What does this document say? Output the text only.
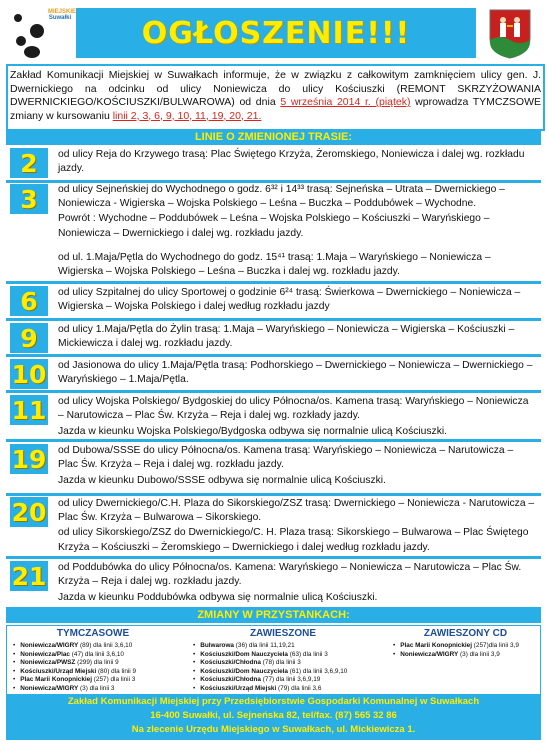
MIEJSKIE
Suwałki OGŁOSZENIE!!!
Zakład Komunikacji Miejskiej w Suwałkach informuje, że w związku z całkowitym zamknięciem ulicy gen. J. Dwernickiego na odcinku od ulicy Noniewicza do ulicy Kościuszki (REMONT SKRZYŻOWANIA DWERNICKIEGO/KOŚCIUSZKI/BULWAROWA) od dnia 5 września 2014 r. (piątek) wprowadza TYMCZSOWE zmiany w kursowaniu linii 2, 3, 6, 9, 10, 11, 19, 20, 21.
LINIE O ZMIENIONEJ TRASIE:
2	od ulicy Reja do Krzywego trasą: Plac Świętego Krzyża, Żeromskiego, Noniewicza i dalej wg. rozkładu jazdy.

3	od ulicy Sejneńskiej do Wychodnego o godz. 6³² i 14³³ trasą: Sejneńska – Utrata – Dwernickiego – Noniewicza - Wigierska – Wojska Polskiego – Leśna – Buczka – Poddubówek – Wychodne.

Powrót : Wychodne – Poddubówek – Leśna – Wojska Polskiego – Kościuszki – Waryńskiego – Noniewicza – Dwernickiego i dalej wg. rozkładu jazdy.

od ul. 1.Maja/Pętla do Wychodnego do godz. 15⁴¹ trasą: 1.Maja – Waryńskiego – Noniewicza – Wigierska – Wojska Polskiego – Leśna – Buczka i dalej wg. rozkładu jazdy.

6	od ulicy Szpitalnej do ulicy Sportowej o godzinie 6²⁴ trasą: Świerkowa – Dwernickiego – Noniewicza – Wigierska – Wojska Polskiego i dalej według rozkładu jazdy

9	od ulicy 1.Maja/Pętla do Żylin trasą: 1.Maja – Waryńskiego – Noniewicza – Wigierska – Kościuszki – Mickiewicza i dalej wg. rozkładu jazdy.

10 od Jasionowa do ulicy 1.Maja/Pętla trasą: Podhorskiego – Dwernickiego – Noniewicza – Dwernickiego – Waryńskiego – 1.Maja/Pętla.

11 od ulicy Wojska Polskiego/ Bydgoskiej do ulicy Północna/os. Kamena trasą: Waryńskiego – Noniewicza – Narutowicza – Plac Św. Krzyża – Reja i dalej wg. rozkłady jazdy.

Jazda w kieunku Wojska Polskiego/Bydgoska odbywa się normalnie ulicą Kościuszki.

19 od Dubowa/SSSE do ulicy Północna/os. Kamena trasą: Waryńskiego – Noniewicza – Narutowicza – Plac Św. Krzyża – Reja i dalej wg. rozkładu jazdy.

Jazda w kieunku Dubowo/SSSE odbywa się normalnie ulicą Kościuszki.

20 od ulicy Dwernickiego/C.H. Plaza do Sikorskiego/ZSZ trasą: Dwernickiego – Noniewicza - Narutowicza – Plac Św. Krzyża – Bulwarowa – Sikorskiego.

od ulicy Sikorskiego/ZSZ do Dwernickiego/C. H. Plaza trasą: Sikorskiego – Bulwarowa – Plac Świętego Krzyża – Kościuszki – Żeromskiego – Dwernickiego i dalej według rozkładu jazdy.

21 od Poddubówka do ulicy Północna/os. Kamena: Waryńskiego – Noniewicza – Narutowicza – Plac Św. Krzyża – Reja i dalej wg. rozkładu jazdy.

Jazda w kieunku Poddubówka odbywa się normalnie ulicą Kościuszki.

ZMIANY W PRZYSTANKACH:
TYMCZASOWE
• Noniewicza/WIGRY (89) dla linii 3,6,10
• Noniewicza/Plac (47) dla linii 3,6,10
• Noniewicza/PWSZ (299) dla linii 9
• Kościuszki/Urząd Miejski (80) dla linii 9
• Plac Marii Konopnickiej (257) dla linii 3
• Noniewicza/WIGRY (3) dla linii 3
ZAWIESZONE
• Bulwarowa (36) dla linii 11,19,21
• Kościuszki/Dom Nauczyciela (63) dla linii 3
• Kościuszki/Chłodna (78) dla linii 3
• Kościuszki/Dom Nauczyciela (61) dla linii 3,6,9,10
• Kościuszki/Chłodna (77) dla linii 3,6,9,19
• Kościuszki/Urząd Miejski (79) dla linii 3,6
ZAWIESZONY CD
• Plac Marii Konopnickiej (257)dla linii 3,9
• Noniewicza/WIGRY (3) dla linii 3,9
Zakład Komunikacji Miejskiej przy Przedsiębiorstwie Gospodarki Komunalnej w Suwałkach
16-400 Suwałki, ul. Sejneńska 82, tel/fax. (87) 565 32 86
Na zlecenie Urzędu Miejskiego w Suwałkach, ul. Mickiewicza 1.
